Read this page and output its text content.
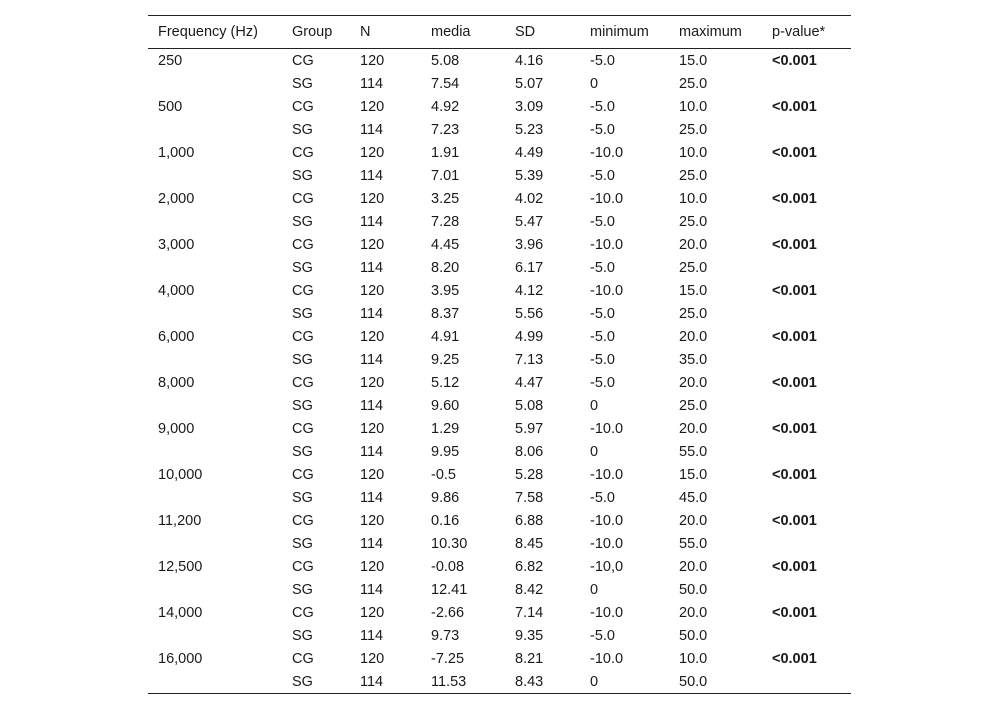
Frequency (Hz)	Group	N	media	SD	minimum	maximum	p-value*
250	CG	120	5.08	4.16	-5.0	15.0	<0.001
	SG	114	7.54	5.07	0	25.0	
500	CG	120	4.92	3.09	-5.0	10.0	<0.001
	SG	114	7.23	5.23	-5.0	25.0	
1,000	CG	120	1.91	4.49	-10.0	10.0	<0.001
	SG	114	7.01	5.39	-5.0	25.0	
2,000	CG	120	3.25	4.02	-10.0	10.0	<0.001
	SG	114	7.28	5.47	-5.0	25.0	
3,000	CG	120	4.45	3.96	-10.0	20.0	<0.001
	SG	114	8.20	6.17	-5.0	25.0	
4,000	CG	120	3.95	4.12	-10.0	15.0	<0.001
	SG	114	8.37	5.56	-5.0	25.0	
6,000	CG	120	4.91	4.99	-5.0	20.0	<0.001
	SG	114	9.25	7.13	-5.0	35.0	
8,000	CG	120	5.12	4.47	-5.0	20.0	<0.001
	SG	114	9.60	5.08	0	25.0	
9,000	CG	120	1.29	5.97	-10.0	20.0	<0.001
	SG	114	9.95	8.06	0	55.0	
10,000	CG	120	-0.5	5.28	-10.0	15.0	<0.001
	SG	114	9.86	7.58	-5.0	45.0	
11,200	CG	120	0.16	6.88	-10.0	20.0	<0.001
	SG	114	10.30	8.45	-10.0	55.0	
12,500	CG	120	-0.08	6.82	-10,0	20.0	<0.001
	SG	114	12.41	8.42	0	50.0	
14,000	CG	120	-2.66	7.14	-10.0	20.0	<0.001
	SG	114	9.73	9.35	-5.0	50.0	
16,000	CG	120	-7.25	8.21	-10.0	10.0	<0.001
	SG	114	11.53	8.43	0	50.0	
